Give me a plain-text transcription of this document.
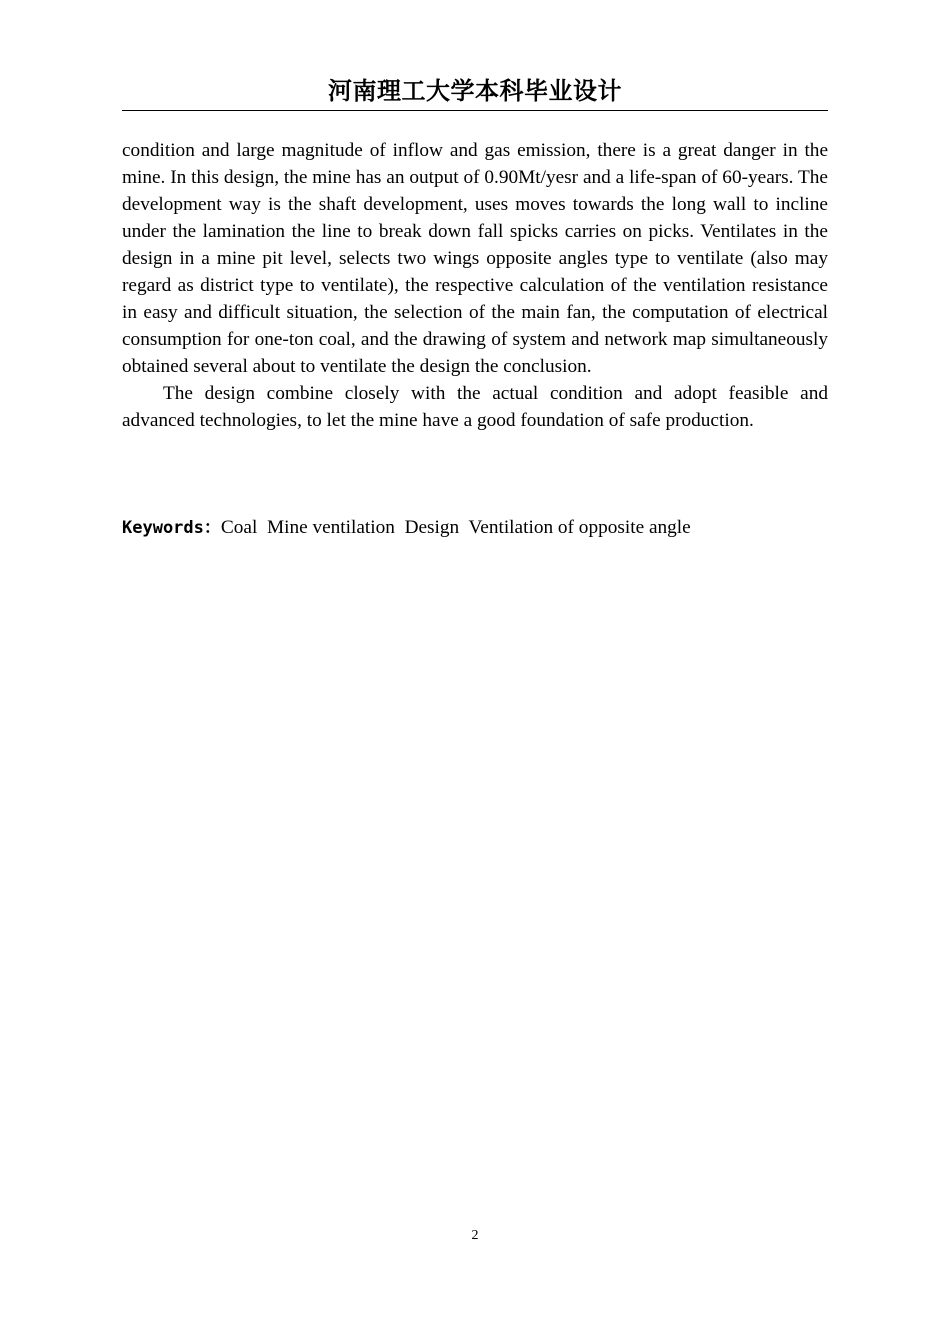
河南理工大学本科毕业设计

condition and large magnitude of inflow and gas emission, there is a great danger in the mine. In this design, the mine has an output of 0.90Mt/yesr and a life-span of 60-years. The development way is the shaft development, uses moves towards the long wall to incline under the lamination the line to break down fall spicks carries on picks. Ventilates in the design in a mine pit level, selects two wings opposite angles type to ventilate (also may regard as district type to ventilate), the respective calculation of the ventilation resistance in easy and difficult situation, the selection of the main fan, the computation of electrical consumption for one-ton coal, and the drawing of system and network map simultaneously obtained several about to ventilate the design the conclusion.

The design combine closely with the actual condition and adopt feasible and advanced technologies, to let the mine have a good foundation of safe production.

Keywords：Coal  Mine ventilation  Design  Ventilation of opposite angle
2
